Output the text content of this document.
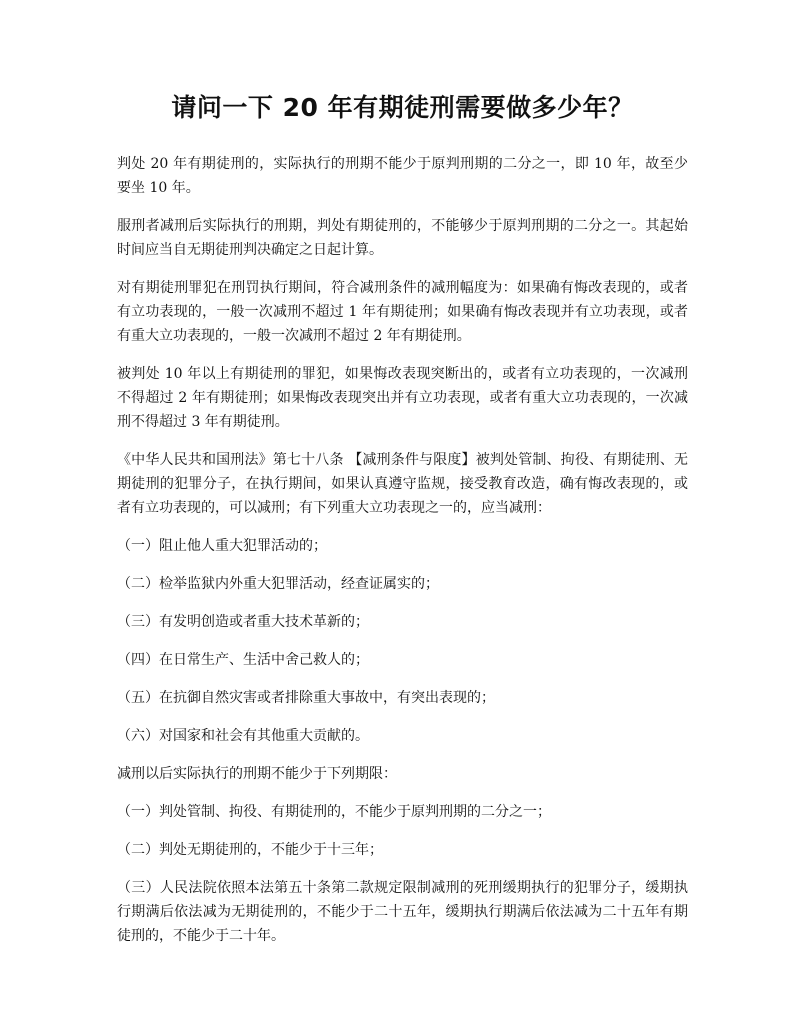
请问一下 20 年有期徒刑需要做多少年？

判处 20 年有期徒刑的，实际执行的刑期不能少于原判刑期的二分之一，即 10 年，故至少要坐 10 年。

服刑者减刑后实际执行的刑期，判处有期徒刑的，不能够少于原判刑期的二分之一。其起始时间应当自无期徒刑判决确定之日起计算。

对有期徒刑罪犯在刑罚执行期间，符合减刑条件的减刑幅度为：如果确有悔改表现的，或者有立功表现的，一般一次减刑不超过 1 年有期徒刑；如果确有悔改表现并有立功表现，或者有重大立功表现的，一般一次减刑不超过 2 年有期徒刑。

被判处 10 年以上有期徒刑的罪犯，如果悔改表现突断出的，或者有立功表现的，一次减刑不得超过 2 年有期徒刑；如果悔改表现突出并有立功表现，或者有重大立功表现的，一次减刑不得超过 3 年有期徒刑。

《中华人民共和国刑法》第七十八条 【减刑条件与限度】被判处管制、拘役、有期徒刑、无期徒刑的犯罪分子，在执行期间，如果认真遵守监规，接受教育改造，确有悔改表现的，或者有立功表现的，可以减刑；有下列重大立功表现之一的，应当减刑：

（一）阻止他人重大犯罪活动的；

（二）检举监狱内外重大犯罪活动，经查证属实的；

（三）有发明创造或者重大技术革新的；

（四）在日常生产、生活中舍己救人的；

（五）在抗御自然灾害或者排除重大事故中，有突出表现的；

（六）对国家和社会有其他重大贡献的。

减刑以后实际执行的刑期不能少于下列期限：

（一）判处管制、拘役、有期徒刑的，不能少于原判刑期的二分之一；

（二）判处无期徒刑的，不能少于十三年；

（三）人民法院依照本法第五十条第二款规定限制减刑的死刑缓期执行的犯罪分子，缓期执行期满后依法减为无期徒刑的，不能少于二十五年，缓期执行期满后依法减为二十五年有期徒刑的，不能少于二十年。
